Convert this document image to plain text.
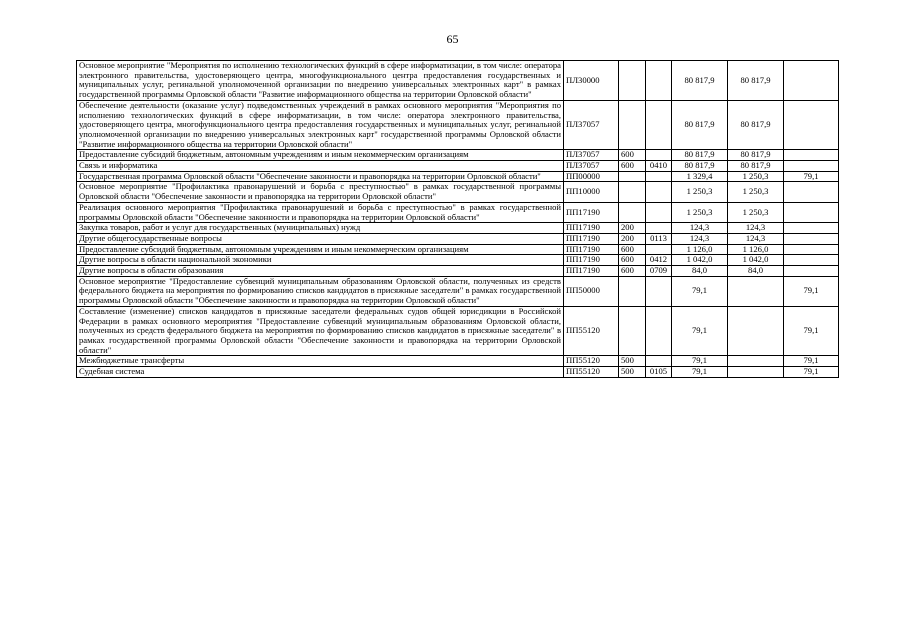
65
Основное мероприятие "Мероприятия по исполнению технологических функций в сфере информатизации, в том числе: оператора электронного правительства, удостоверяющего центра, многофункционального центра предоставления государственных и муниципальных услуг, регинальной уполномоченной организации по внедрению универсальных электронных карт" в рамках государственной программы Орловской области "Развитие информационного общества на территории Орловской области"	ПЛ30000			80 817,9	80 817,9	
Обеспечение деятельности (оказание услуг) подведомственных учреждений в рамках основного мероприятия "Мероприятия по исполнению технологических функций в сфере информатизации, в том числе: оператора электронного правительства, удостоверяющего центра, многофункционального центра предоставления государственных и муниципальных услуг, регинальной уполномоченной организации по внедрению универсальных электронных карт" государственной программы Орловской области "Развитие информационного общества на территории Орловской области"	ПЛ37057			80 817,9	80 817,9	
Предоставление субсидий бюджетным, автономным учреждениям и иным некоммерческим организациям	ПЛ37057	600		80 817,9	80 817,9	
Связь и информатика	ПЛ37057	600	0410	80 817,9	80 817,9	
Государственная программа Орловской области "Обеспечение законности и правопорядка на территории Орловской области"	ПП00000			1 329,4	1 250,3	79,1
Основное мероприятие "Профилактика правонарушений и борьба с преступностью" в рамках государственной программы Орловской области "Обеспечение законности и правопорядка на территории Орловской области"	ПП10000			1 250,3	1 250,3	
Реализация основного мероприятия "Профилактика правонарушений и борьба с преступностью" в рамках государственной программы Орловской области "Обеспечение законности и правопорядка на территории Орловской области"	ПП17190			1 250,3	1 250,3	
Закупка товаров, работ и услуг для государственных (муниципальных) нужд	ПП17190	200		124,3	124,3	
Другие общегосударственные вопросы	ПП17190	200	0113	124,3	124,3	
Предоставление субсидий бюджетным, автономным учреждениям и иным некоммерческим организациям	ПП17190	600		1 126,0	1 126,0	
Другие вопросы в области национальной экономики	ПП17190	600	0412	1 042,0	1 042,0	
Другие вопросы в области образования	ПП17190	600	0709	84,0	84,0	
Основное мероприятие "Предоставление субвенций муниципальным образованиям Орловской области, полученных из средств федерального бюджета на мероприятия по формированию списков кандидатов в присяжные заседатели" в рамках государственной программы Орловской области "Обеспечение законности и правопорядка на территории Орловской области"	ПП50000			79,1		79,1
Составление (изменение) списков кандидатов в присяжные заседатели федеральных судов общей юрисдикции в Российской Федерации в рамках основного мероприятия "Предоставление субвенций муниципальным образованиям Орловской области, полученных из средств федерального бюджета на мероприятия по формированию списков кандидатов в присяжные заседатели" в рамках государственной программы Орловской области "Обеспечение законности и правопорядка на территории Орловской области"	ПП55120			79,1		79,1
Межбюджетные трансферты	ПП55120	500		79,1		79,1
Судебная система	ПП55120	500	0105	79,1		79,1
